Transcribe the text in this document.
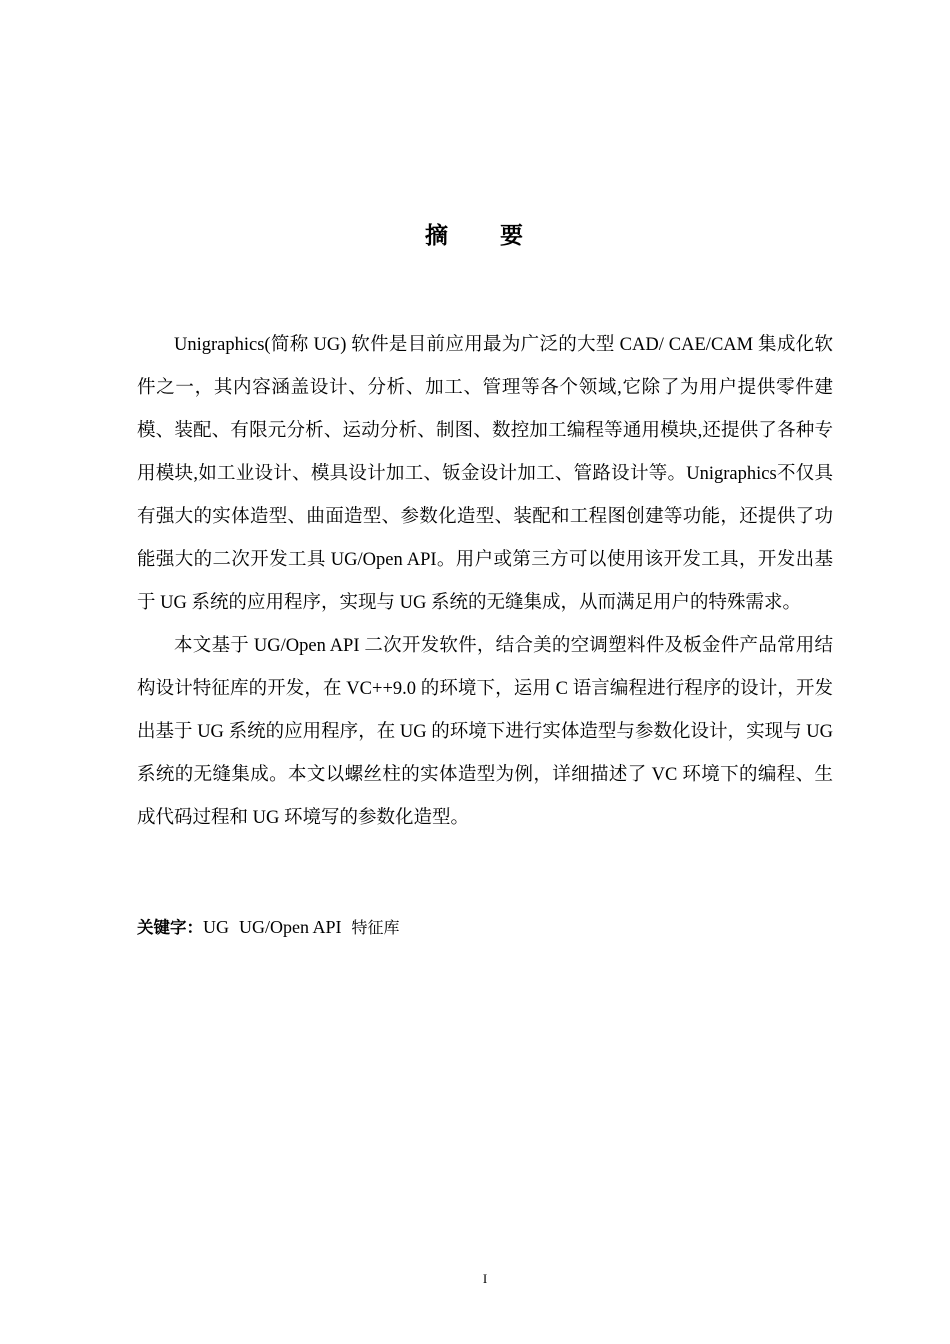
摘 要

Unigraphics(简称 UG) 软件是目前应用最为广泛的大型 CAD/ CAE/CAM 集成化软件之一，其内容涵盖设计、分析、加工、管理等各个领域,它除了为用户提供零件建模、装配、有限元分析、运动分析、制图、数控加工编程等通用模块,还提供了各种专用模块,如工业设计、模具设计加工、钣金设计加工、管路设计等。Unigraphics不仅具有强大的实体造型、曲面造型、参数化造型、装配和工程图创建等功能，还提供了功能强大的二次开发工具 UG/Open API。用户或第三方可以使用该开发工具，开发出基于 UG 系统的应用程序，实现与 UG 系统的无缝集成，从而满足用户的特殊需求。

本文基于 UG/Open API 二次开发软件，结合美的空调塑料件及板金件产品常用结构设计特征库的开发，在 VC++9.0 的环境下，运用 C 语言编程进行程序的设计，开发出基于 UG 系统的应用程序，在 UG 的环境下进行实体造型与参数化设计，实现与 UG 系统的无缝集成。本文以螺丝柱的实体造型为例，详细描述了 VC 环境下的编程、生成代码过程和 UG 环境写的参数化造型。

关键字：UG UG/Open API 特征库
I
